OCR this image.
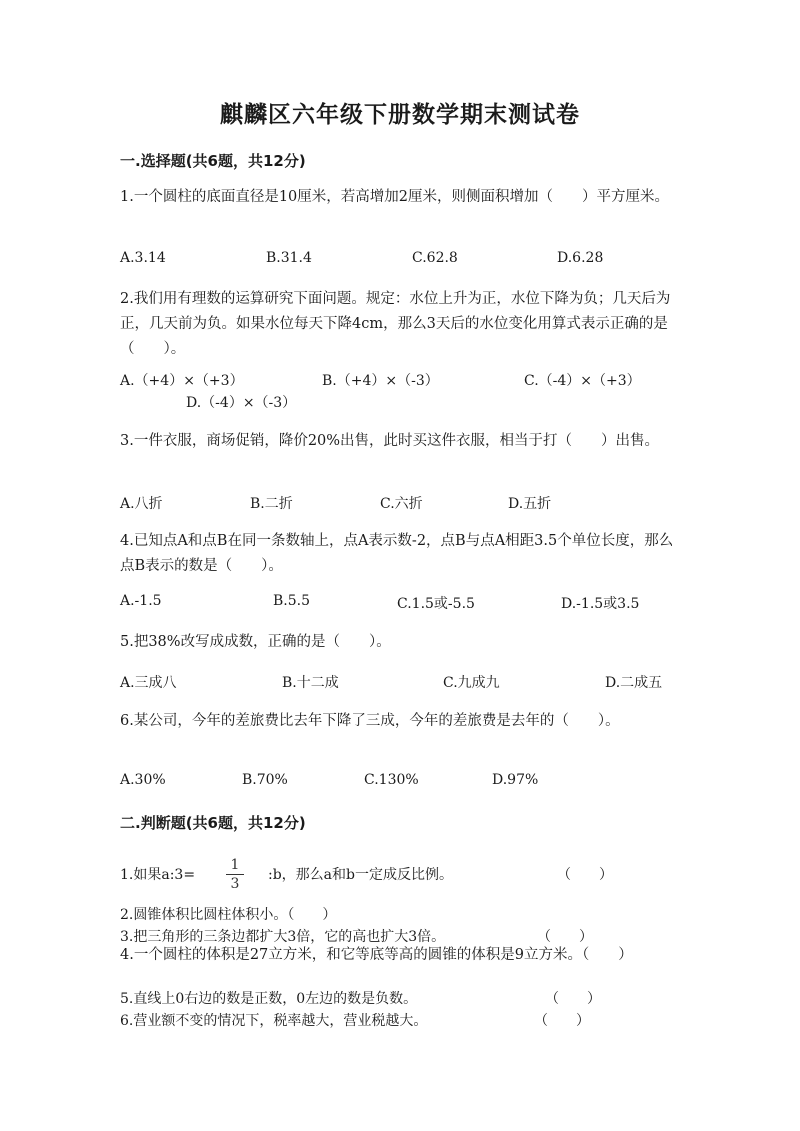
麒麟区六年级下册数学期末测试卷
一.选择题(共6题，共12分)
1.一个圆柱的底面直径是10厘米，若高增加2厘米，则侧面积增加（　　）平方厘米。
A.3.14	B.31.4	C.62.8	D.6.28
2.我们用有理数的运算研究下面问题。规定：水位上升为正，水位下降为负；几天后为正，几天前为负。如果水位每天下降4cm，那么3天后的水位变化用算式表示正确的是（　　）。
A.（+4）×（+3）	B.（+4）×（-3）	C.（-4）×（+3）
D.（-4）×（-3）
3.一件衣服，商场促销，降价20%出售，此时买这件衣服，相当于打（　　）出售。
A.八折	B.二折	C.六折	D.五折
4.已知点A和点B在同一条数轴上，点A表示数-2，点B与点A相距3.5个单位长度，那么点B表示的数是（　　）。
A.-1.5	B.5.5	C.1.5或-5.5	D.-1.5或3.5
5.把38%改写成成数，正确的是（　　）。
A.三成八	B.十二成	C.九成九	D.二成五
6.某公司，今年的差旅费比去年下降了三成，今年的差旅费是去年的（　　）。
A.30%	B.70%	C.130%	D.97%
二.判断题(共6题，共12分)
1.如果a:3=
1
3
:b，那么a和b一定成反比例。	（　　）
2.圆锥体积比圆柱体积小。（　　）
3.把三角形的三条边都扩大3倍，它的高也扩大3倍。	（　　）
4.一个圆柱的体积是27立方米，和它等底等高的圆锥的体积是9立方米。（　　）
5.直线上0右边的数是正数，0左边的数是负数。	（　　）
6.营业额不变的情况下，税率越大，营业税越大。	（　　）
